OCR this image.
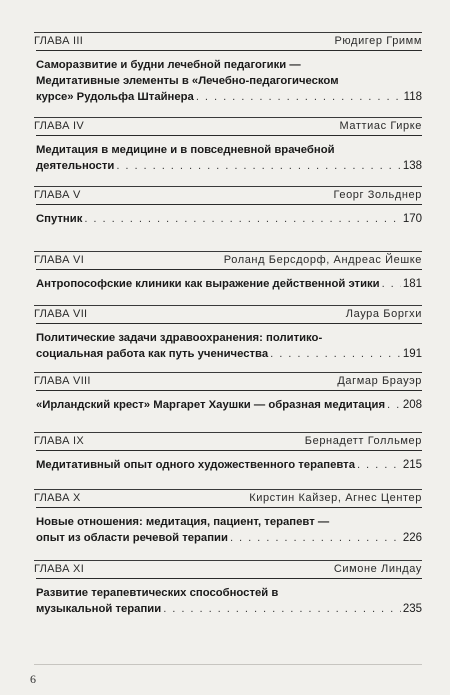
ГЛАВА III	Рюдигер Гримм
Саморазвитие и будни лечебной педагогики —
Медитативные элементы в «Лечебно-педагогическом
курсе» Рудольфа Штайнера . . .	118
ГЛАВА IV	Маттиас Гирке
Медитация в медицине и в повседневной врачебной
деятельности . . .	138
ГЛАВА V	Георг Зольднер
Спутник . . .	170
ГЛАВА VI	Роланд Берсдорф, Андреас Йешке
Антропософские клиники как выражение действенной этики . . . 181
ГЛАВА VII	Лаура Боргхи
Политические задачи здравоохранения: политико-
социальная работа как путь ученичества . . .	191
ГЛАВА VIII	Дагмар Брауэр
«Ирландский крест» Маргарет Хаушки — образная медитация . . . 208
ГЛАВА IX	Бернадетт Голльмер
Медитативный опыт одного художественного терапевта . . .	215
ГЛАВА X	Кирстин Кайзер, Агнес Центер
Новые отношения: медитация, пациент, терапевт —
опыт из области речевой терапии . . .	226
ГЛАВА XI	Симоне Линдау
Развитие терапевтических способностей в
музыкальной терапии . . .	235
6
